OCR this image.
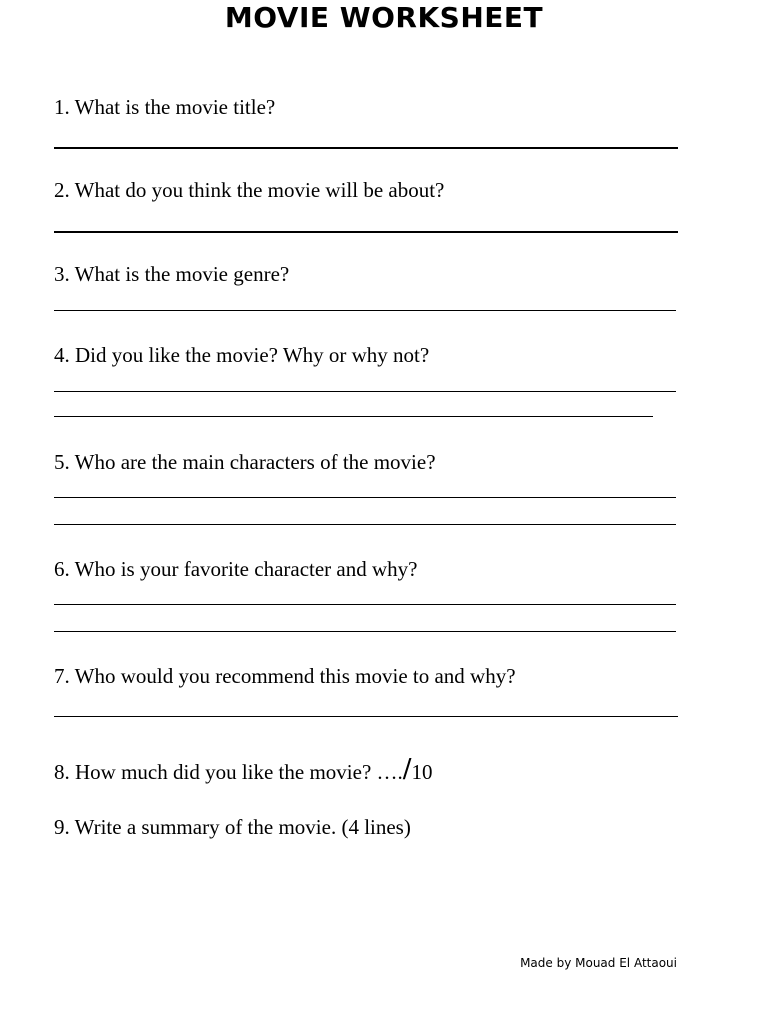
MOVIE WORKSHEET
1. What is the movie title?
2. What do you think the movie will be about?
3. What is the movie genre?
4. Did you like the movie? Why or why not?
5. Who are the main characters of the movie?
6. Who is your favorite character and why?
7. Who would you recommend this movie to and why?
8. How much did you like the movie? …./10
9. Write a summary of the movie. (4 lines)
Made by Mouad El Attaoui
